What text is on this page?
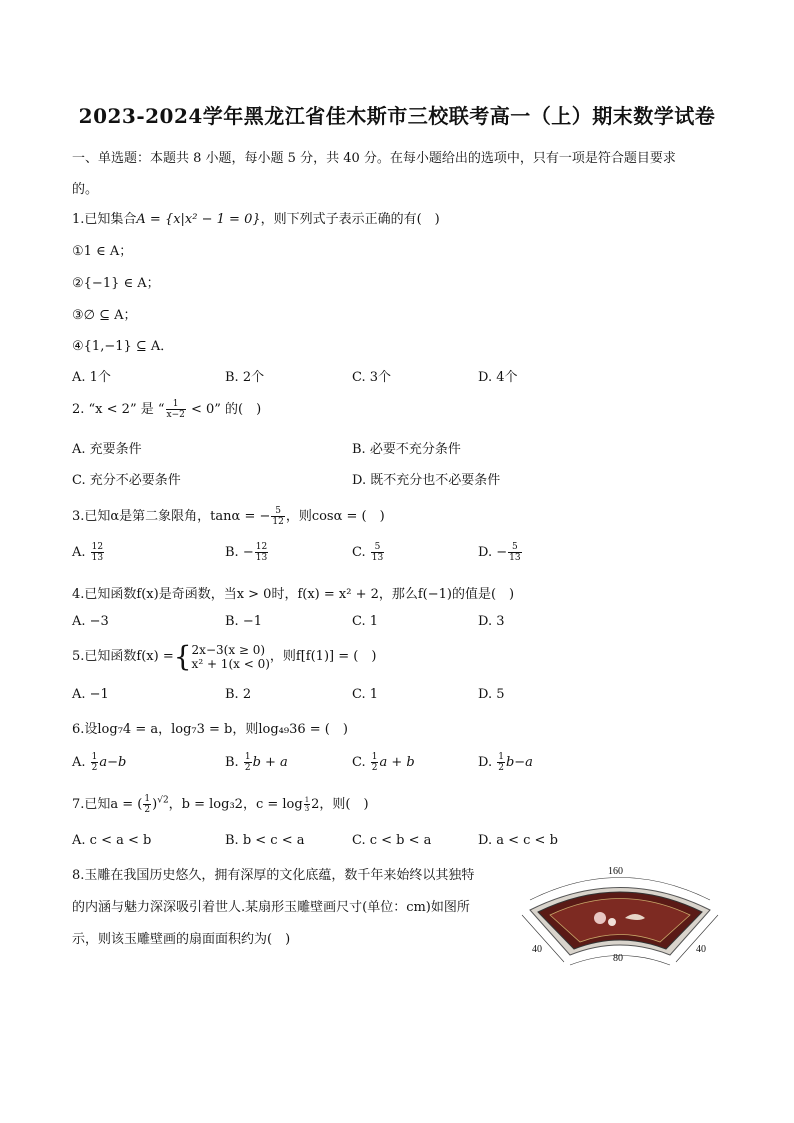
2023-2024学年黑龙江省佳木斯市三校联考高一（上）期末数学试卷
一、单选题：本题共 8 小题，每小题 5 分，共 40 分。在每小题给出的选项中，只有一项是符合题目要求
的。
1.已知集合A = {x|x² − 1 = 0}，则下列式子表示正确的有(　)
①1 ∈ A；
②{−1} ∈ A；
③∅ ⊆ A；
④{1,−1} ⊆ A．
A. 1个	B. 2个	C. 3个	D. 4个
2. “x < 2” 是 “ $\frac{1}{x-2} < 0$” 的(　)
A. 充要条件	B. 必要不充分条件
C. 充分不必要条件	D. 既不充分也不必要条件
3.已知α是第二象限角，tanα = − $\frac{5}{12}$ ，则cosα = (　)
A. $\frac{12}{13}$	B. − $\frac{12}{13}$	C. $\frac{5}{13}$	D. − $\frac{5}{13}$
4.已知函数f(x)是奇函数，当x > 0时，f(x) = x² + 2，那么f(−1)的值是(　)
A. −3	B. −1	C. 1	D. 3
5.已知函数f(x) ={ 2x−3(x ≥ 0)
x² + 1(x < 0) ，则f[f(1)] = (　)
A. −1	B. 2	C. 1	D. 5
6.设log₇4 = a，log₇3 = b，则log₄₉36 = (　)
A. $\frac{1}{2} a-b$	B. $\frac{1}{2}$ b + a	C. $\frac{1}{2}$ a + b	D. $\frac{1}{2} b-a$
7.已知a = ( $\frac{1}{2} )^{√2}$，b = log₃2，$c = \log \frac{1}{3} 2$，则(　)
A. c < a < b	B. b < c < a	C. c < b < a	D. a < c < b
8.玉雕在我国历史悠久，拥有深厚的文化底蕴，数千年来始终以其独特
的内涵与魅力深深吸引着世人.某扇形玉雕壁画尺寸(单位：cm)如图所
示，则该玉雕壁画的扇面面积约为(　)
160
80
40	40
